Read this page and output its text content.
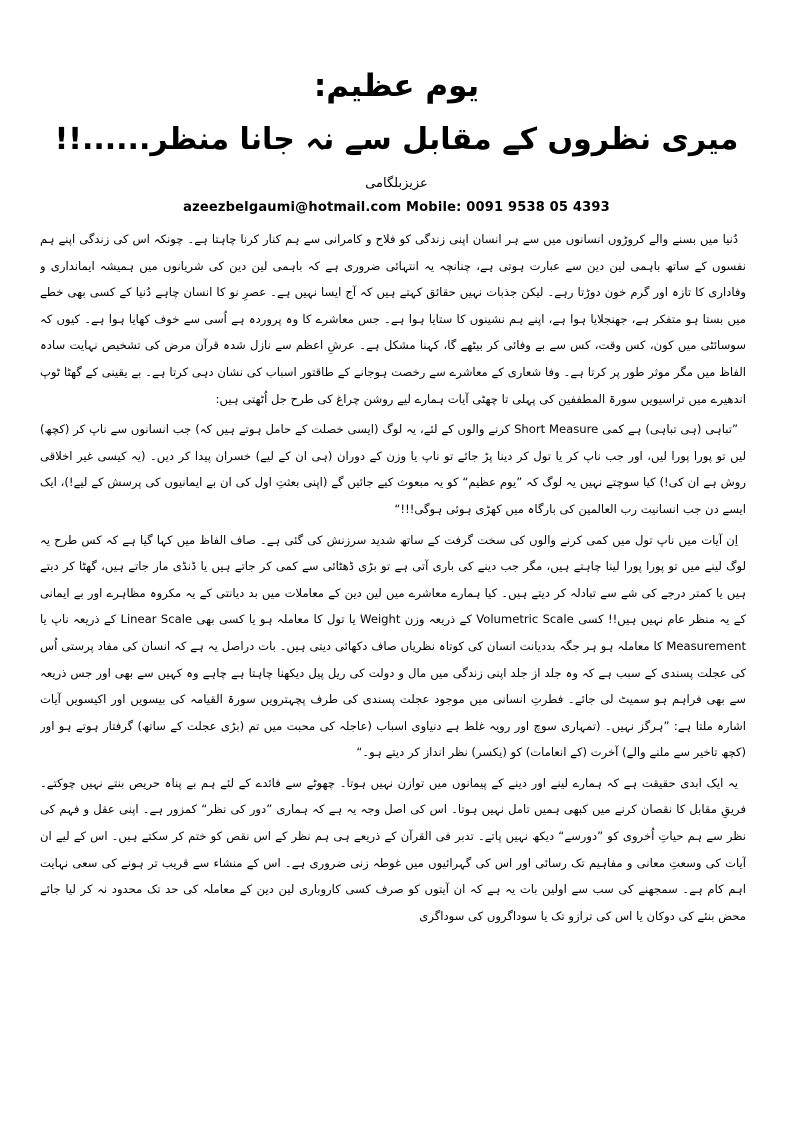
یوم عظیم:
میری نظروں کے مقابل سے نہ جانا منظر......!!
عزیزبلگامی
azeezbelgaumi@hotmail.com Mobile: 0091 9538 05 4393

دُنیا میں بسنے والے کروڑوں انسانوں میں سے ہر انسان اپنی زندگی کو فلاح و کامرانی سے ہم کنار کرنا چاہتا ہے۔ چونکہ اس کی زندگی اپنے ہم نفسوں کے ساتھ باہمی لین دین سے عبارت ہوتی ہے، چنانچہ یہ انتہائی ضروری ہے کہ باہمی لین دین کی شریانوں میں ہمیشہ ایمانداری و وفاداری کا تازہ اور گرم خون دوڑتا رہے۔ لیکن جذبات نہیں حقائق کہتے ہیں کہ آج ایسا نہیں ہے۔ عصرِ نو کا انسان چاہے دُنیا کے کسی بھی خطے میں بستا ہو متفکر ہے، جھنجلایا ہوا ہے، اپنے ہم نشینوں کا ستایا ہوا ہے۔ جس معاشرے کا وہ پروردہ ہے اُسی سے خوف کھایا ہوا ہے۔ کیوں کہ سوسائٹی میں کون، کس وقت، کس سے بے وفائی کر بیٹھے گا، کہنا مشکل ہے۔ عرشِ اعظم سے نازل شدہ قرآن مرض کی تشخیص نہایت سادہ الفاظ میں مگر موثر طور پر کرتا ہے۔ وفا شعاری کے معاشرے سے رخصت ہوجانے کے طاقتور اسباب کی نشان دہی کرتا ہے۔ بے یقینی کے گھٹا ٹوپ اندھیرے میں تراسیویں سورۃ المطففین کی پہلی تا چھٹی آیات ہمارے لیے روشن چراغ کی طرح جل اُٹھتی ہیں:

”تباہی (ہی تباہی) ہے کمی Short Measure کرنے والوں کے لئے، یہ لوگ (ایسی خصلت کے حامل ہوتے ہیں کہ) جب انسانوں سے ناپ کر (کچھ) لیں تو پورا پورا لیں، اور جب ناپ کر یا تول کر دینا پڑ جائے تو ناپ یا وزن کے دوران (ہی ان کے لیے) خسران پیدا کر دیں۔ (یہ کیسی غیر اخلاقی روش ہے ان کی!) کیا سوچتے نہیں یہ لوگ کہ ”یوم عظیم“ کو یہ مبعوث کیے جائیں گے (اپنی بعثتِ اول کی ان بے ایمانیوں کی پرسش کے لیے!)، ایک ایسے دن جب انسانیت رب العالمین کی بارگاہ میں کھڑی ہوئی ہوگی!!!“

اِن آیات میں ناپ تول میں کمی کرنے والوں کی سخت گرفت کے ساتھ شدید سرزنش کی گئی ہے۔ صاف الفاظ میں کہا گیا ہے کہ کس طرح یہ لوگ لینے میں تو پورا پورا لینا چاہتے ہیں، مگر جب دینے کی باری آتی ہے تو بڑی ڈھٹائی سے کمی کر جاتے ہیں یا ڈنڈی مار جاتے ہیں، گھٹا کر دیتے ہیں یا کمتر درجے کی شے سے تبادلہ کر دیتے ہیں۔ کیا ہمارے معاشرے میں لین دین کے معاملات میں بد دیانتی کے یہ مکروہ مظاہرے اور بے ایمانی کے یہ منظر عام نہیں ہیں!! کسی Volumetric Scale کے ذریعہ وزن Weight یا تول کا معاملہ ہو یا کسی بھی Linear Scale کے ذریعہ ناپ یا Measurement کا معاملہ ہو ہر جگہ بددیانت انسان کی کوتاہ نظریاں صاف دکھائی دیتی ہیں۔ بات دراصل یہ ہے کہ انسان کی مفاد پرستی اُس کی عجلت پسندی کے سبب ہے کہ وہ جلد از جلد اپنی زندگی میں مال و دولت کی ریل پیل دیکھنا چاہتا ہے چاہے وہ کہیں سے بھی اور جس ذریعہ سے بھی فراہم ہو سمیٹ لی جائے۔ فطرتِ انسانی میں موجود عجلت پسندی کی طرف پچہترویں سورۃ القیامہ کی بیسویں اور اکیسویں آیات اشارہ ملتا ہے: ”ہرگز نہیں۔ (تمہاری سوچ اور رویہ غلط ہے دنیاوی اسباب (عاجلہ کی محبت میں تم (بڑی عجلت کے ساتھ) گرفتار ہوتے ہو اور (کچھ تاخیر سے ملنے والے) آخرت (کے انعامات) کو (یکسر) نظر انداز کر دیتے ہو۔“

یہ ایک ابدی حقیقت ہے کہ ہمارے لینے اور دینے کے پیمانوں میں توازن نہیں ہوتا۔ چھوٹے سے فائدے کے لئے ہم بے پناہ حریص بنتے نہیں چوکتے۔ فریقِ مقابل کا نقصان کرنے میں کبھی ہمیں تامل نہیں ہوتا۔ اس کی اصل وجہ یہ ہے کہ ہماری ”دور کی نظر“ کمزور ہے۔ اپنی عقل و فہم کی نظر سے ہم حیاتِ اُخروی کو ”دورسے“ دیکھ نہیں پاتے۔ تدبر فی القرآن کے ذریعے ہی ہم نظر کے اس نقص کو ختم کر سکتے ہیں۔ اس کے لیے ان آیات کی وسعتِ معانی و مفاہیم تک رسائی اور اس کی گہرائیوں میں غوطہ زنی ضروری ہے۔ اس کے منشاء سے قریب تر ہونے کی سعی نہایت اہم کام ہے۔ سمجھنے کی سب سے اولین بات یہ ہے کہ ان آیتوں کو صرف کسی کاروباری لین دین کے معاملہ کی حد تک محدود نہ کر لیا جائے محض بنئے کی دوکان یا اس کی ترازو تک یا سوداگروں کی سوداگری
